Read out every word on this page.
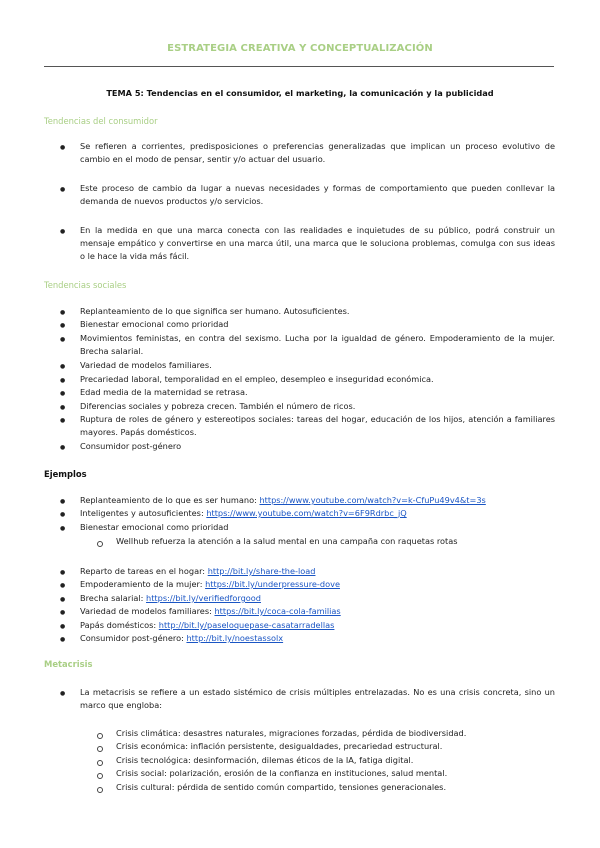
ESTRATEGIA CREATIVA Y CONCEPTUALIZACIÓN
TEMA 5: Tendencias en el consumidor, el marketing, la comunicación y la publicidad
Tendencias del consumidor
● Se refieren a corrientes, predisposiciones o preferencias generalizadas que implican un proceso evolutivo de cambio en el modo de pensar, sentir y/o actuar del usuario.
● Este proceso de cambio da lugar a nuevas necesidades y formas de comportamiento que pueden conllevar la demanda de nuevos productos y/o servicios.
● En la medida en que una marca conecta con las realidades e inquietudes de su público, podrá construir un mensaje empático y convertirse en una marca útil, una marca que le soluciona problemas, comulga con sus ideas o le hace la vida más fácil.
Tendencias sociales
● Replanteamiento de lo que significa ser humano. Autosuficientes.
● Bienestar emocional como prioridad
● Movimientos feministas, en contra del sexismo. Lucha por la igualdad de género. Empoderamiento de la mujer. Brecha salarial.
● Variedad de modelos familiares.
● Precariedad laboral, temporalidad en el empleo, desempleo e inseguridad económica.
● Edad media de la maternidad se retrasa.
● Diferencias sociales y pobreza crecen. También el número de ricos.
● Ruptura de roles de género y estereotipos sociales: tareas del hogar, educación de los hijos, atención a familiares mayores. Papás domésticos.
● Consumidor post-género
Ejemplos
● Replanteamiento de lo que es ser humano: https://www.youtube.com/watch?v=k-CfuPu49v4&t=3s
● Inteligentes y autosuficientes: https://www.youtube.com/watch?v=6F9Rdrbc_jQ
● Bienestar emocional como prioridad
Wellhub refuerza la atención a la salud mental en una campaña con raquetas rotas
● Reparto de tareas en el hogar: http://bit.ly/share-the-load
● Empoderamiento de la mujer: https://bit.ly/underpressure-dove
● Brecha salarial: https://bit.ly/verifiedforgood
● Variedad de modelos familiares: https://bit.ly/coca-cola-familias
● Papás domésticos: http://bit.ly/paseloquepase-casatarradellas
● Consumidor post-género: http://bit.ly/noestassolx
Metacrisis
● La metacrisis se refiere a un estado sistémico de crisis múltiples entrelazadas. No es una crisis concreta, sino un marco que engloba:
Crisis climática: desastres naturales, migraciones forzadas, pérdida de biodiversidad.
Crisis económica: inflación persistente, desigualdades, precariedad estructural.
Crisis tecnológica: desinformación, dilemas éticos de la IA, fatiga digital.
Crisis social: polarización, erosión de la confianza en instituciones, salud mental.
Crisis cultural: pérdida de sentido común compartido, tensiones generacionales.
